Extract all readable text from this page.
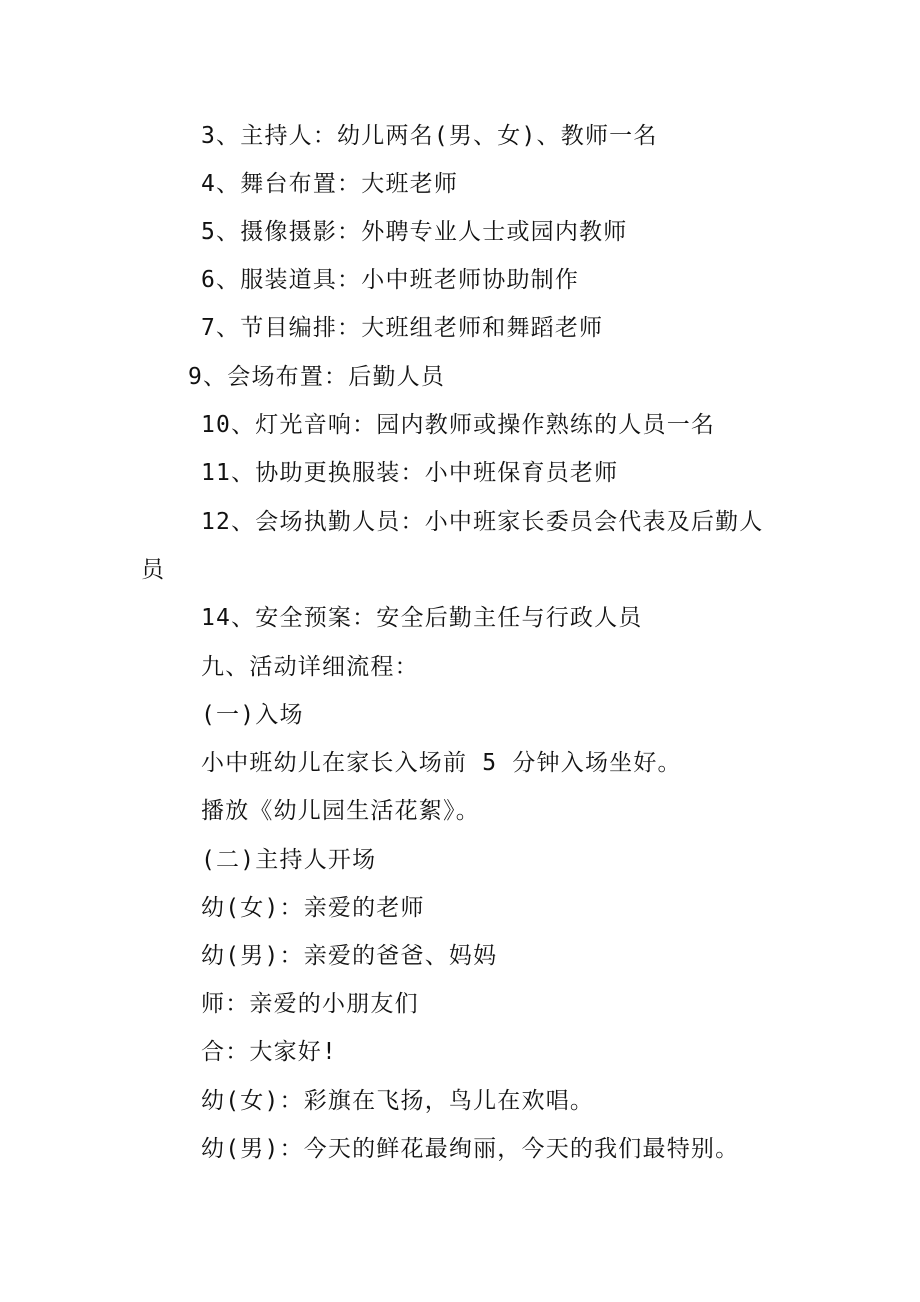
3、主持人：幼儿两名(男、女)、教师一名

4、舞台布置：大班老师

5、摄像摄影：外聘专业人士或园内教师

6、服装道具：小中班老师协助制作

7、节目编排：大班组老师和舞蹈老师

9、会场布置：后勤人员

10、灯光音响：园内教师或操作熟练的人员一名

11、协助更换服装：小中班保育员老师

12、会场执勤人员：小中班家长委员会代表及后勤人

员

14、安全预案：安全后勤主任与行政人员

九、活动详细流程：

(一)入场

小中班幼儿在家长入场前 5 分钟入场坐好。

播放《幼儿园生活花絮》。

(二)主持人开场

幼(女)：亲爱的老师

幼(男)：亲爱的爸爸、妈妈

师：亲爱的小朋友们

合：大家好!

幼(女)：彩旗在飞扬，鸟儿在欢唱。

幼(男)：今天的鲜花最绚丽，今天的我们最特别。
